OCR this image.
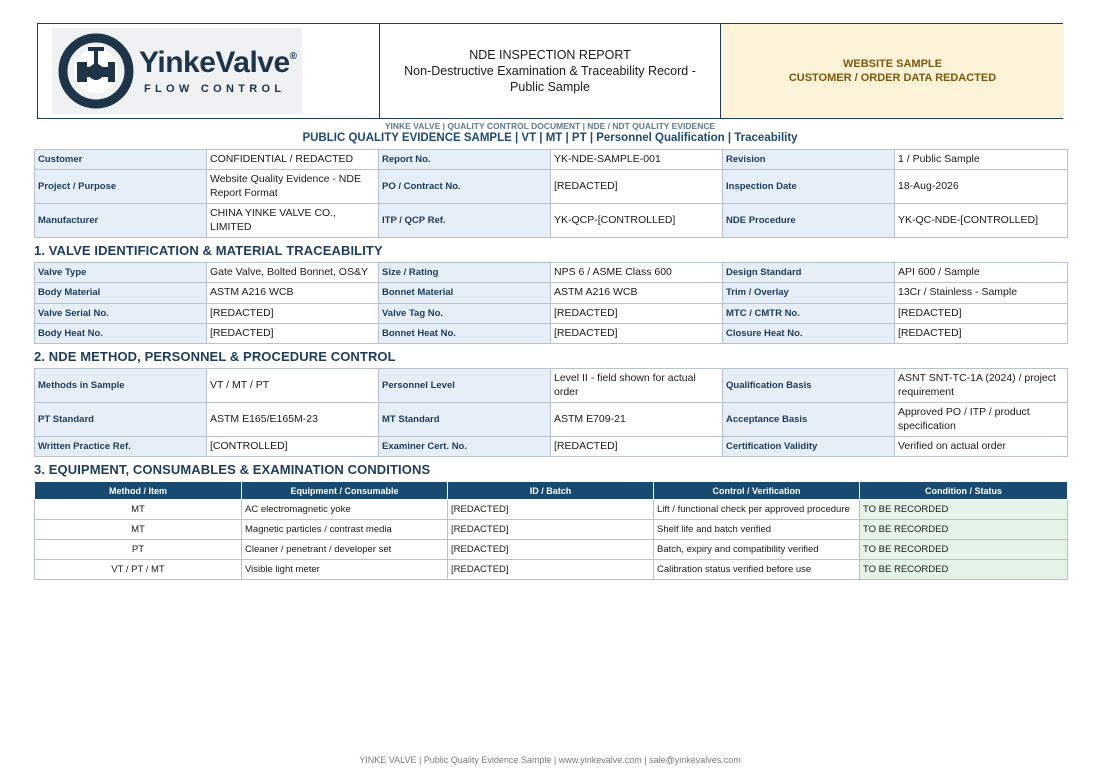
YinkeValve®
FLOW CONTROL
NDE INSPECTION REPORT
Non-Destructive Examination & Traceability Record - Public Sample
WEBSITE SAMPLE
CUSTOMER / ORDER DATA REDACTED
YINKE VALVE | QUALITY CONTROL DOCUMENT | NDE / NDT QUALITY EVIDENCE
PUBLIC QUALITY EVIDENCE SAMPLE | VT | MT | PT | Personnel Qualification | Traceability
Customer	CONFIDENTIAL / REDACTED	Report No.	YK-NDE-SAMPLE-001	Revision	1 / Public Sample
Project / Purpose	Website Quality Evidence - NDE Report Format	PO / Contract No.	[REDACTED]	Inspection Date	18-Aug-2026
Manufacturer	CHINA YINKE VALVE CO., LIMITED	ITP / QCP Ref.	YK-QCP-[CONTROLLED]	NDE Procedure	YK-QC-NDE-[CONTROLLED]
1. VALVE IDENTIFICATION & MATERIAL TRACEABILITY
Valve Type	Gate Valve, Bolted Bonnet, OS&Y	Size / Rating	NPS 6 / ASME Class 600	Design Standard	API 600 / Sample
Body Material	ASTM A216 WCB	Bonnet Material	ASTM A216 WCB	Trim / Overlay	13Cr / Stainless - Sample
Valve Serial No.	[REDACTED]	Valve Tag No.	[REDACTED]	MTC / CMTR No.	[REDACTED]
Body Heat No.	[REDACTED]	Bonnet Heat No.	[REDACTED]	Closure Heat No.	[REDACTED]
2. NDE METHOD, PERSONNEL & PROCEDURE CONTROL
Methods in Sample	VT / MT / PT	Personnel Level	Level II - field shown for actual order	Qualification Basis	ASNT SNT-TC-1A (2024) / project requirement
PT Standard	ASTM E165/E165M-23	MT Standard	ASTM E709-21	Acceptance Basis	Approved PO / ITP / product specification
Written Practice Ref.	[CONTROLLED]	Examiner Cert. No.	[REDACTED]	Certification Validity	Verified on actual order
3. EQUIPMENT, CONSUMABLES & EXAMINATION CONDITIONS
Method / Item	Equipment / Consumable	ID / Batch	Control / Verification	Condition / Status
MT	AC electromagnetic yoke	[REDACTED]	Lift / functional check per approved procedure	TO BE RECORDED
MT	Magnetic particles / contrast media	[REDACTED]	Shelf life and batch verified	TO BE RECORDED
PT	Cleaner / penetrant / developer set	[REDACTED]	Batch, expiry and compatibility verified	TO BE RECORDED
VT / PT / MT	Visible light meter	[REDACTED]	Calibration status verified before use	TO BE RECORDED
YINKE VALVE | Public Quality Evidence Sample | www.yinkevalve.com | sale@yinkevalves.com
